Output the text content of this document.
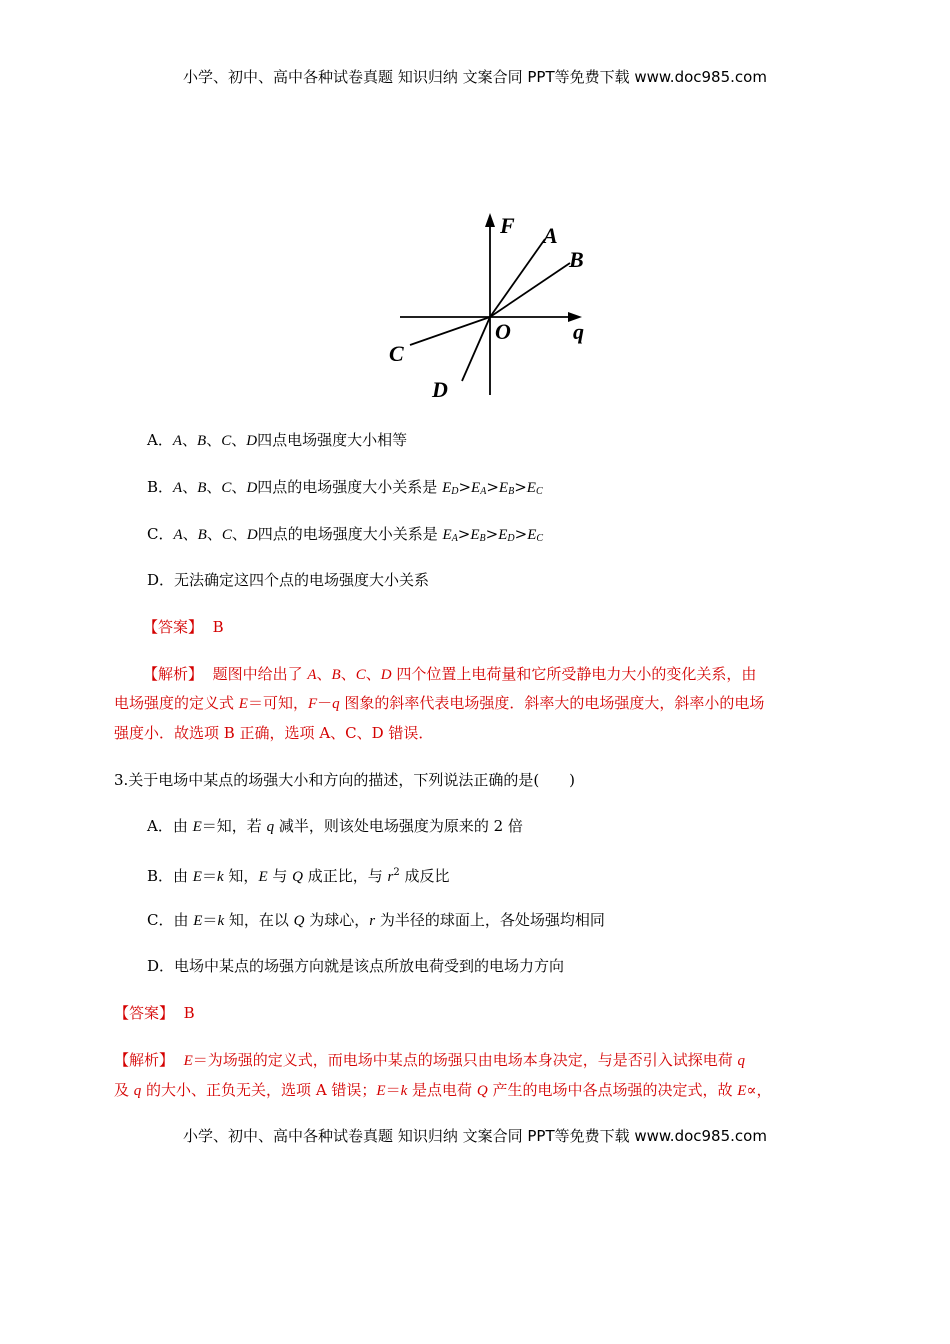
小学、初中、高中各种试卷真题 知识归纳 文案合同 PPT等免费下载 www.doc985.com
F A
B
O	q
C
D
A．A、B、C、D四点电场强度大小相等
B．A、B、C、D四点的电场强度大小关系是 $E_D>E_A>E_B>E_C$
C．A、B、C、D四点的电场强度大小关系是 $E_A>E_B>E_D>E_C$
D．无法确定这四个点的电场强度大小关系
【答案】 B
【解析】 题图中给出了 A、B、C、D 四个位置上电荷量和它所受静电力大小的变化关系，由
电场强度的定义式 E＝可知，F－q 图象的斜率代表电场强度．斜率大的电场强度大，斜率小的电场
强度小．故选项 B 正确，选项 A、C、D 错误．
3.关于电场中某点的场强大小和方向的描述，下列说法正确的是(　　)
A．由 E＝知，若 q 减半，则该处电场强度为原来的 2 倍
B．由 E＝k 知，E 与 Q 成正比，与 $r^2$ 成反比
C．由 E＝k 知，在以 Q 为球心，r 为半径的球面上，各处场强均相同
D．电场中某点的场强方向就是该点所放电荷受到的电场力方向
【答案】 B
【解析】 E＝为场强的定义式，而电场中某点的场强只由电场本身决定，与是否引入试探电荷 q
及 q 的大小、正负无关，选项 A 错误；E＝k 是点电荷 Q 产生的电场中各点场强的决定式，故 E∝，
小学、初中、高中各种试卷真题 知识归纳 文案合同 PPT等免费下载 www.doc985.com
